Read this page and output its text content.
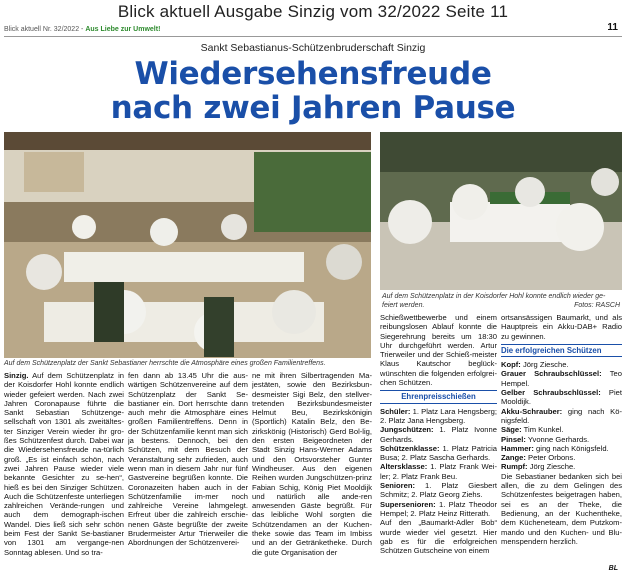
Blick aktuell Ausgabe Sinzig vom 32/2022 Seite 11
Blick aktuell Nr. 32/2022 - Aus Liebe zur Umwelt!	11
Sankt Sebastianus-Schützenbruderschaft Sinzig
Wiedersehensfreude
nach zwei Jahren Pause
Auf dem Schützenplatz der Sankt Sebastianer herrschte die Atmosphäre eines großen Familientreffens.
Auf dem Schützenplatz in der Koisdorfer Hohl konnte endlich wieder ge-feiert werden.	Fotos: RASCH

Sinzig. Auf dem Schützenplatz in der Koisdorfer Hohl konnte endlich wieder gefeiert werden. Nach zwei Jahren Coronapause führte die Sankt Sebastian Schützenge-sellschaft von 1301 als zweitältes-ter Sinziger Verein wieder ihr gro-ßes Schützenfest durch. Dabei war die Wiedersehensfreude na-türlich groß. „Es ist einfach schön, nach zwei Jahren Pause wieder viele bekannte Gesichter zu se-hen“, hieß es bei den Sinziger Schützen. Auch die Schützenfeste unterliegen zahlreichen Verände-rungen und auch dem demograph-ischen Wandel. Dies ließ sich sehr schön beim Fest der Sankt Se-bastianer von 1301 am vergange-nen Sonntag ablesen. Und so tra-

fen dann ab 13.45 Uhr die aus-wärtigen Schützenvereine auf dem Schützenplatz der Sankt Se-bastianer ein. Dort herrschte dann auch mehr die Atmosphäre eines großen Familientreffens. Denn in der Schützenfamilie kennt man sich ja bestens. Dennoch, bei den Schützen, mit dem Besuch der Veranstaltung sehr zufrieden, auch wenn man in diesem Jahr nur fünf Gastvereine begrüßen konnte. Die Coronazeiten haben auch in der Schützenfamilie im-mer noch zahlreiche Vereine lahmgelegt. Erfreut über die zahlreich erschie-nenen Gäste begrüßte der zweite Brudermeister Artur Trierweiler die Abordnungen der Schützenverei-

ne mit ihren Silbertragenden Ma-jestäten, sowie den Bezirksbun-desmeister Sigi Belz, den stellver-tretenden Bezirksbundesmeister Helmut Beu, Bezirkskönigin (Sportlich) Katalin Belz, den Be-zirkskönig (Historisch) Gerd Bol-lig, den ersten Beigeordneten der Stadt Sinzig Hans-Werner Adams und den Ortsvorsteher Gunter Windheuser. Aus den eigenen Reihen wurden Jungschützen-prinz Fabian Schig, König Piet Mooldijk und natürlich alle ande-ren anwesenden Gäste begrüßt. Für das leibliche Wohl sorgten die Schützendamen an der Kuchen-theke sowie das Team im Imbiss und an der Getränketheke. Durch die gute Organisation der

Schießwettbewerbe und einem reibungslosen Ablauf konnte die Siegerehrung bereits um 18:30 Uhr durchgeführt werden. Artur Trierweiler und der Schieß-meister Klaus Kautschor beglück-wünschten die folgenden erfolgrei-chen Schützen.

Ehrenpreisschießen

Schüler: 1. Platz Lara Hengsberg; 2. Platz Jana Hengsberg.

Jungschützen: 1. Platz Ivonne Gerhards.

Schützenklasse: 1. Platz Patricia Busa; 2. Platz Sascha Gerhards.

Altersklasse: 1. Platz Frank Wei-ler; 2. Platz Frank Beu.

Senioren: 1. Platz Giesbert Schmitz; 2. Platz Georg Ziehs.

Supersenioren: 1. Platz Theodor Hempel; 2. Platz Heinz Ritterath.

Auf den „Baumarkt-Adler Bob“ wurde wieder viel gesetzt. Hier gab es für die erfolgreichen Schützen Gutscheine von einem

ortsansässigen Baumarkt, und als Hauptpreis ein Akku-DAB+ Radio zu gewinnen.

Die erfolgreichen Schützen

Kopf: Jörg Ziesche.

Grauer Schraubschlüssel: Teo Hempel.

Gelber Schraubschlüssel: Piet Mooldijk.

Akku-Schrauber: ging nach Kö-nigsfeld.

Säge: Tim Kunkel.

Pinsel: Yvonne Gerhards.

Hammer: ging nach Königsfeld.

Zange: Peter Orbons.

Rumpf: Jörg Ziesche.

Die Sebastianer bedanken sich bei allen, die zu dem Gelingen des Schützenfestes beigetragen haben, sei es an der Theke, die Bedienung, an der Kuchentheke, dem Kücheneteam, dem Putzkom-mando und den Kuchen- und Blu-menspendern herzlich.

BL
